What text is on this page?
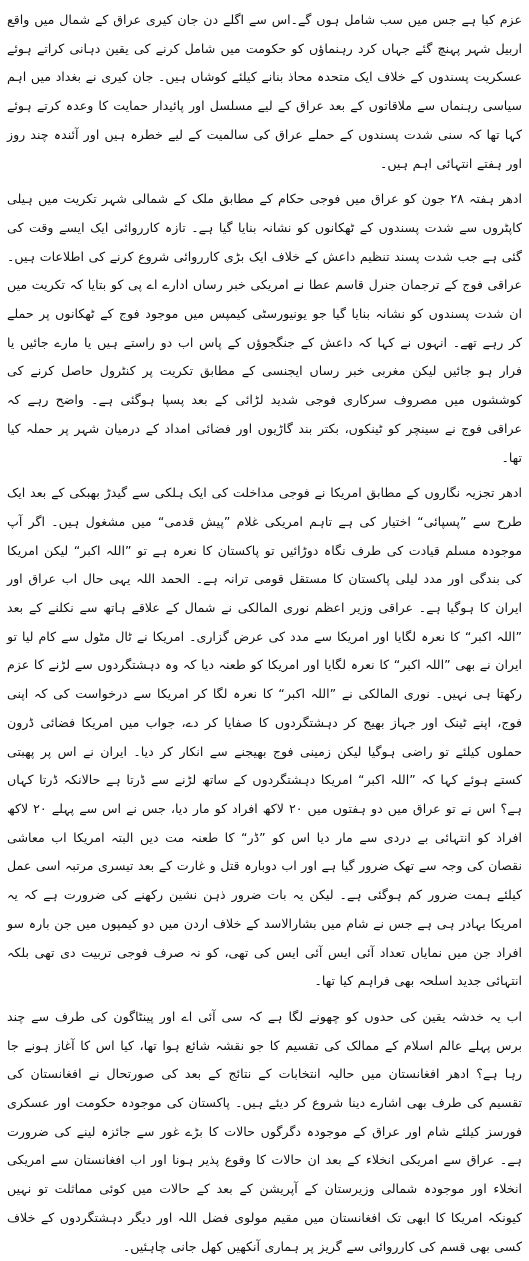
عزم کیا ہے جس میں سب شامل ہوں گے۔اس سے اگلے دن جان کیری عراق کے شمال میں واقع اربیل شہر پہنچ گئے جہاں کرد رہنماؤں کو حکومت میں شامل کرنے کی یقین دہانی کراتے ہوئے عسکریت پسندوں کے خلاف ایک متحدہ محاذ بنانے کیلئے کوشاں ہیں۔ جان کیری نے بغداد میں اہم سیاسی رہنماں سے ملاقاتوں کے بعد عراق کے لیے مسلسل اور پائیدار حمایت کا وعدہ کرتے ہوئے کہا تھا کہ سنی شدت پسندوں کے حملے عراق کی سالمیت کے لیے خطرہ ہیں اور آئندہ چند روز اور ہفتے انتہائی اہم ہیں۔

ادھر ہفتہ ۲۸ جون کو عراق میں فوجی حکام کے مطابق ملک کے شمالی شہر تکریت میں ہیلی کاپٹروں سے شدت پسندوں کے ٹھکانوں کو نشانہ بنایا گیا ہے۔ تازہ کارروائی ایک ایسے وقت کی گئی ہے جب شدت پسند تنظیم داعش کے خلاف ایک بڑی کارروائی شروع کرنے کی اطلاعات ہیں۔ عراقی فوج کے ترجمان جنرل قاسم عطا نے امریکی خبر رساں ادارے اے پی کو بتایا کہ تکریت میں ان شدت پسندوں کو نشانہ بنایا گیا جو یونیورسٹی کیمپس میں موجود فوج کے ٹھکانوں پر حملے کر رہے تھے۔ انہوں نے کہا کہ داعش کے جنگجوؤں کے پاس اب دو راستے ہیں یا مارے جائیں یا فرار ہو جائیں لیکن مغربی خبر رساں ایجنسی کے مطابق تکریت پر کنٹرول حاصل کرنے کی کوششوں میں مصروف سرکاری فوجی شدید لڑائی کے بعد پسپا ہوگئی ہے۔ واضح رہے کہ عراقی فوج نے سینچر کو ٹینکوں، بکتر بند گاڑیوں اور فضائی امداد کے درمیان شہر پر حملہ کیا تھا۔

ادھر تجزیہ نگاروں کے مطابق امریکا نے فوجی مداخلت کی ایک ہلکی سے گیدڑ بھبکی کے بعد ایک طرح سے ”پسپائی“ اختیار کی ہے تاہم امریکی غلام ”پیش قدمی“ میں مشغول ہیں۔ اگر آپ موجودہ مسلم قیادت کی طرف نگاہ دوڑائیں تو پاکستان کا نعرہ ہے تو ”اللہ اکبر“ لیکن امریکا کی بندگی اور مدد لیلی پاکستان کا مستقل قومی ترانہ ہے۔ الحمد اللہ یہی حال اب عراق اور ایران کا ہوگیا ہے۔ عراقی وزیر اعظم نوری المالکی نے شمال کے علاقے ہاتھ سے نکلنے کے بعد ”اللہ اکبر“ کا نعرہ لگایا اور امریکا سے مدد کی عرض گزاری۔ امریکا نے ٹال مٹول سے کام لیا تو ایران نے بھی ”اللہ اکبر“ کا نعرہ لگایا اور امریکا کو طعنہ دیا کہ وہ دہشتگردوں سے لڑنے کا عزم رکھتا ہی نہیں۔ نوری المالکی نے ”اللہ اکبر“ کا نعرہ لگا کر امریکا سے درخواست کی کہ اپنی فوج، اپنے ٹینک اور جہاز بھیج کر دہشتگردوں کا صفایا کر دے، جواب میں امریکا فضائی ڈرون حملوں کیلئے تو راضی ہوگیا لیکن زمینی فوج بھیجنے سے انکار کر دیا۔ ایران نے اس پر پھبتی کستے ہوئے کہا کہ ”اللہ اکبر“ امریکا دہشتگردوں کے ساتھ لڑنے سے ڈرتا ہے حالانکہ ڈرتا کہاں ہے؟ اس نے تو عراق میں دو ہفتوں میں ۲۰ لاکھ افراد کو مار دیا، جس نے اس سے پہلے ۲۰ لاکھ افراد کو انتہائی بے دردی سے مار دیا اس کو ”ڈر“ کا طعنہ مت دیں البتہ امریکا اب معاشی نقصان کی وجہ سے تھک ضرور گیا ہے اور اب دوبارہ قتل و غارت کے بعد تیسری مرتبہ اسی عمل کیلئے ہمت ضرور کم ہوگئی ہے۔ لیکن یہ بات ضرور ذہن نشین رکھنے کی ضرورت ہے کہ یہ امریکا بہادر ہی ہے جس نے شام میں بشارالاسد کے خلاف اردن میں دو کیمپوں میں جن بارہ سو افراد جن میں نمایاں تعداد آئی ایس آئی ایس کی تھی، کو نہ صرف فوجی تربیت دی تھی بلکہ انتہائی جدید اسلحہ بھی فراہم کیا تھا۔

اب یہ خدشہ یقین کی حدوں کو چھونے لگا ہے کہ سی آئی اے اور پینٹاگون کی طرف سے چند برس پہلے عالم اسلام کے ممالک کی تقسیم کا جو نقشہ شائع ہوا تھا، کیا اس کا آغاز ہونے جا رہا ہے؟ ادھر افغانستان میں حالیہ انتخابات کے نتائج کے بعد کی صورتحال نے افغانستان کی تقسیم کی طرف بھی اشارے دینا شروع کر دیئے ہیں۔ پاکستان کی موجودہ حکومت اور عسکری فورسز کیلئے شام اور عراق کے موجودہ دگرگوں حالات کا بڑے غور سے جائزہ لینے کی ضرورت ہے۔ عراق سے امریکی انخلاء کے بعد ان حالات کا وقوع پذیر ہونا اور اب افغانستان سے امریکی انخلاء اور موجودہ شمالی وزیرستان کے آپریشن کے بعد کے حالات میں کوئی مماثلت تو نہیں کیونکہ امریکا کا ابھی تک افغانستان میں مقیم مولوی فضل اللہ اور دیگر دہشتگردوں کے خلاف کسی بھی قسم کی کارروائی سے گریز پر ہماری آنکھیں کھل جانی چاہئیں۔
